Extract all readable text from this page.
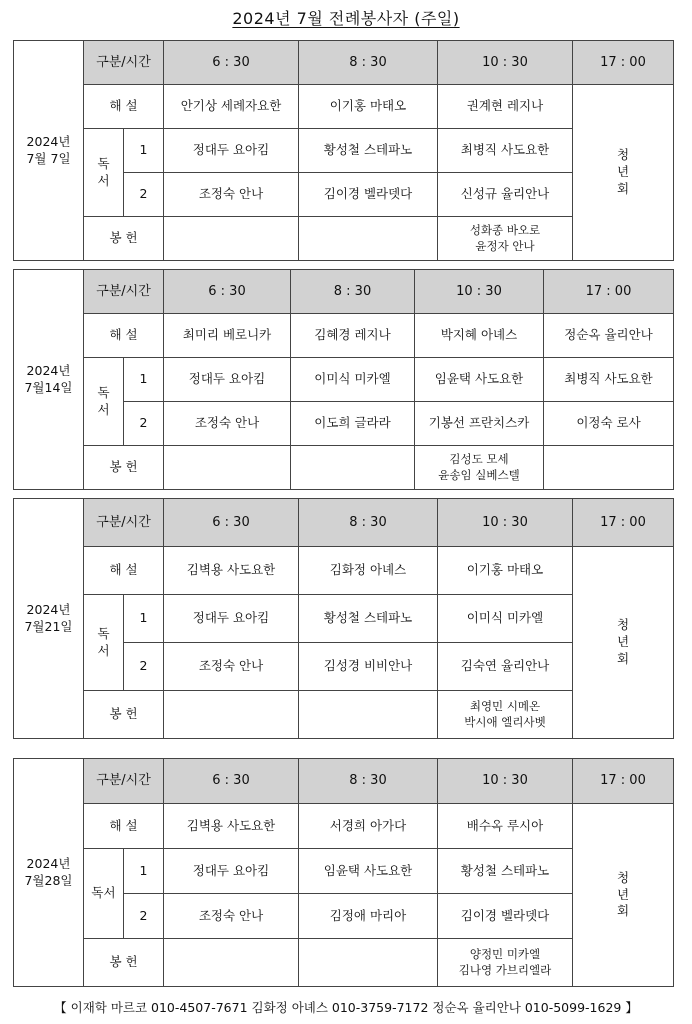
2024년 7월 전례봉사자 (주일)
2024년
7월 7일	구분/시간		6 : 30	8 : 30	10 : 30	17 : 00
	해 설		안기상 세례자요한	이기홍 마태오	권계현 레지나	청
년
회

	독
서	1	정대두 요아킴	황성철 스테파노	최병직 사도요한	
		2	조정숙 안나	김이경 벨라뎃다	신성규 율리안나	
	봉 헌				성화종 바오로
윤정자 안나	
2024년
7월14일	구분/시간		6 : 30	8 : 30	10 : 30	17 : 00
	해 설		최미리 베로니카	김혜경 레지나	박지혜 아녜스	정순옥 율리안나

	독
서	1	정대두 요아킴	이미식 미카엘	임윤택 사도요한	최병직 사도요한
		2	조정숙 안나	이도희 글라라	기봉선 프란치스카	이정숙 로사
	봉 헌				김성도 모세
윤송임 실베스텔	

2024년
7월21일	구분/시간		6 : 30	8 : 30	10 : 30	17 : 00
	해 설		김벽용 사도요한	김화정 아녜스	이기홍 마태오	청
년
회

	독
서	1	정대두 요아킴	황성철 스테파노	이미식 미카엘	
		2	조정숙 안나	김성경 비비안나	김숙연 율리안나	
	봉 헌				최영민 시메온
박시애 엘리사벳	
2024년
7월28일	구분/시간		6 : 30	8 : 30	10 : 30	17 : 00
	해 설		김벽용 사도요한	서경희 아가다	배수옥 루시아	청
년
회

	독서	1	정대두 요아킴	임윤택 사도요한	황성철 스테파노	
		2	조정숙 안나	김정애 마리아	김이경 벨라뎃다	
	봉 헌				양정민 미카엘
김나영 가브리엘라	
【 이재학 마르코 010-4507-7671 김화정 아녜스 010-3759-7172 정순옥 율리안나 010-5099-1629 】
